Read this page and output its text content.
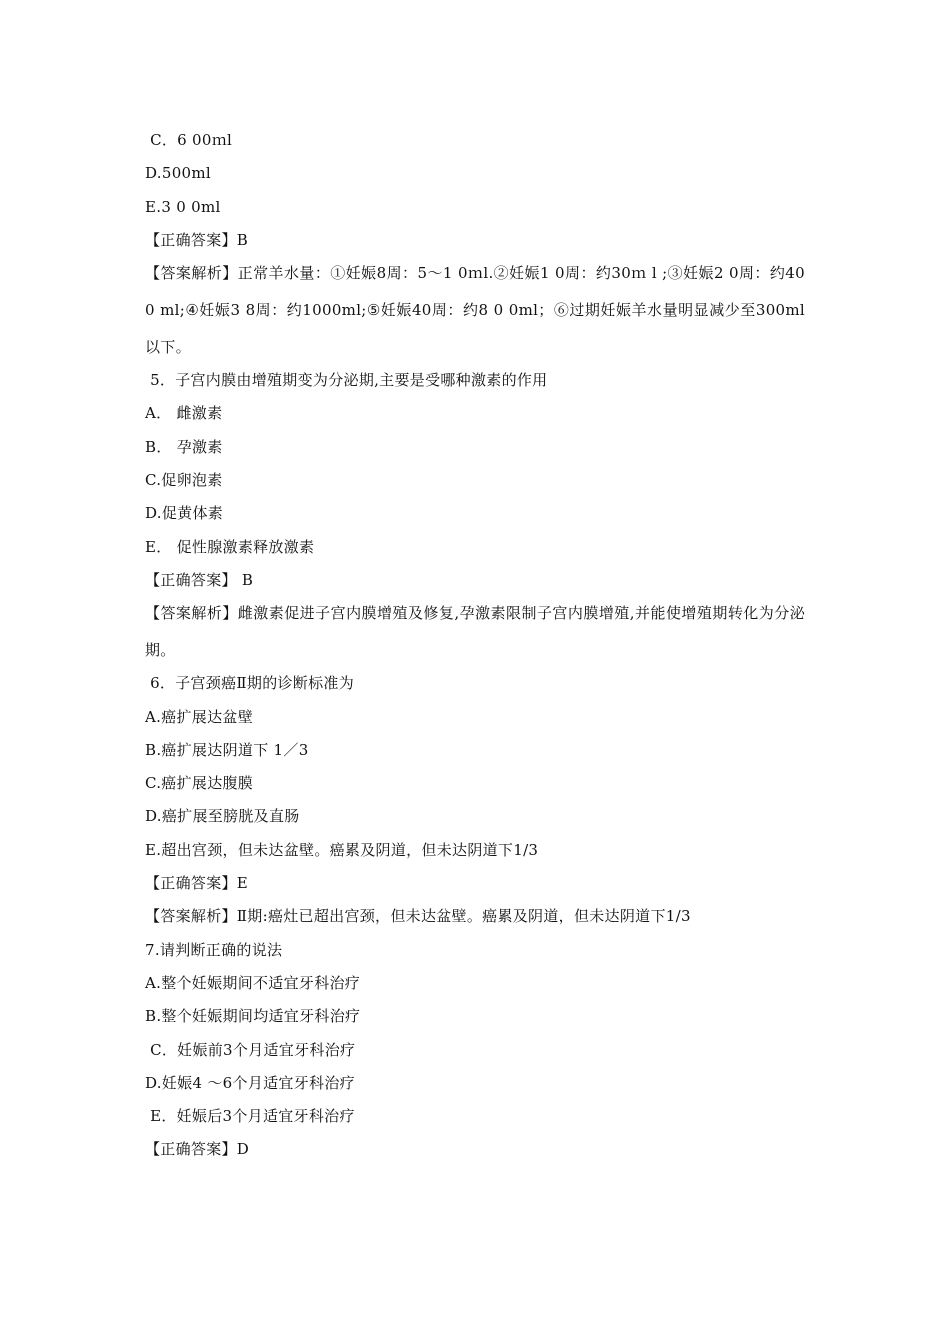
C．6 00ｍl
D.500ml
E.3 0 0ml
【正确答案】B
【答案解析】正常羊水量：①妊娠8周：5～1 0ｍl.②妊娠1 0周：约30ｍ l ;③妊娠2 0周：约40 0 ml;④妊娠3 8周：约1000ml;⑤妊娠40周：约8 0 0ml；⑥过期妊娠羊水量明显减少至300ml以下。
5．子宫内膜由增殖期变为分泌期,主要是受哪种激素的作用
A． 雌激素
B． 孕激素
C.促卵泡素
D.促黄体素
E． 促性腺激素释放激素
【正确答案】 B
【答案解析】雌激素促进子宫内膜增殖及修复,孕激素限制子宫内膜增殖,并能使增殖期转化为分泌期。
6．子宫颈癌Ⅱ期的诊断标准为
A.癌扩展达盆壁
B.癌扩展达阴道下 1／3
C.癌扩展达腹膜
D.癌扩展至膀胱及直肠
E.超出宫颈，但未达盆壁。癌累及阴道，但未达阴道下1/3
【正确答案】E
【答案解析】Ⅱ期:癌灶已超出宫颈，但未达盆壁。癌累及阴道，但未达阴道下1/3
7.请判断正确的说法
A.整个妊娠期间不适宜牙科治疗
B.整个妊娠期间均适宜牙科治疗
C．妊娠前3个月适宜牙科治疗
D.妊娠4 ～6个月适宜牙科治疗
E．妊娠后3个月适宜牙科治疗
【正确答案】D
